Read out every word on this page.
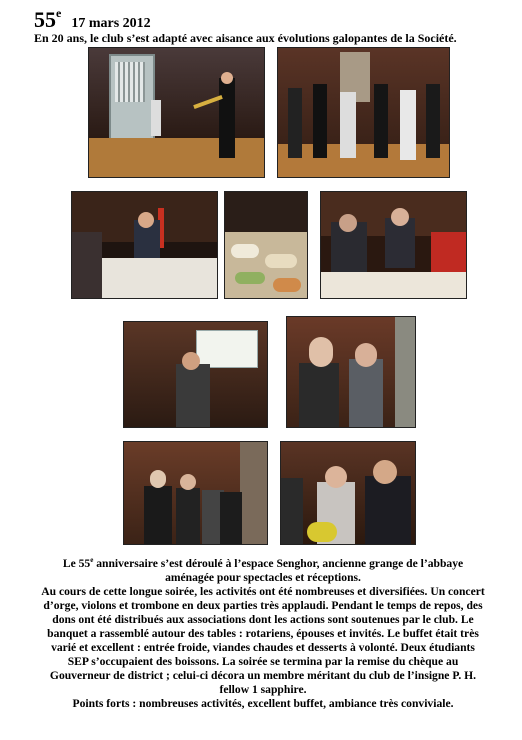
55e 17 mars 2012
En 20 ans, le club s’est adapté avec aisance aux évolutions galopantes de la Société.

Le 55e anniversaire s’est déroulé à l’espace Senghor, ancienne grange de l’abbaye aménagée pour spectacles et réceptions.

Au cours de cette longue soirée, les activités ont été nombreuses et diversifiées. Un concert d’orge, violons et trombone en deux parties très applaudi. Pendant le temps de repos, des dons ont été distribués aux associations dont les actions sont soutenues par le club. Le banquet a rassemblé autour des tables : rotariens, épouses et invités. Le buffet était très varié et excellent : entrée froide, viandes chaudes et desserts à volonté. Deux étudiants SEP s’occupaient des boissons. La soirée se termina par la remise du chèque au Gouverneur de district ; celui-ci décora un membre méritant du club de l’insigne P. H. fellow 1 sapphire.

Points forts : nombreuses activités, excellent buffet, ambiance très conviviale.
